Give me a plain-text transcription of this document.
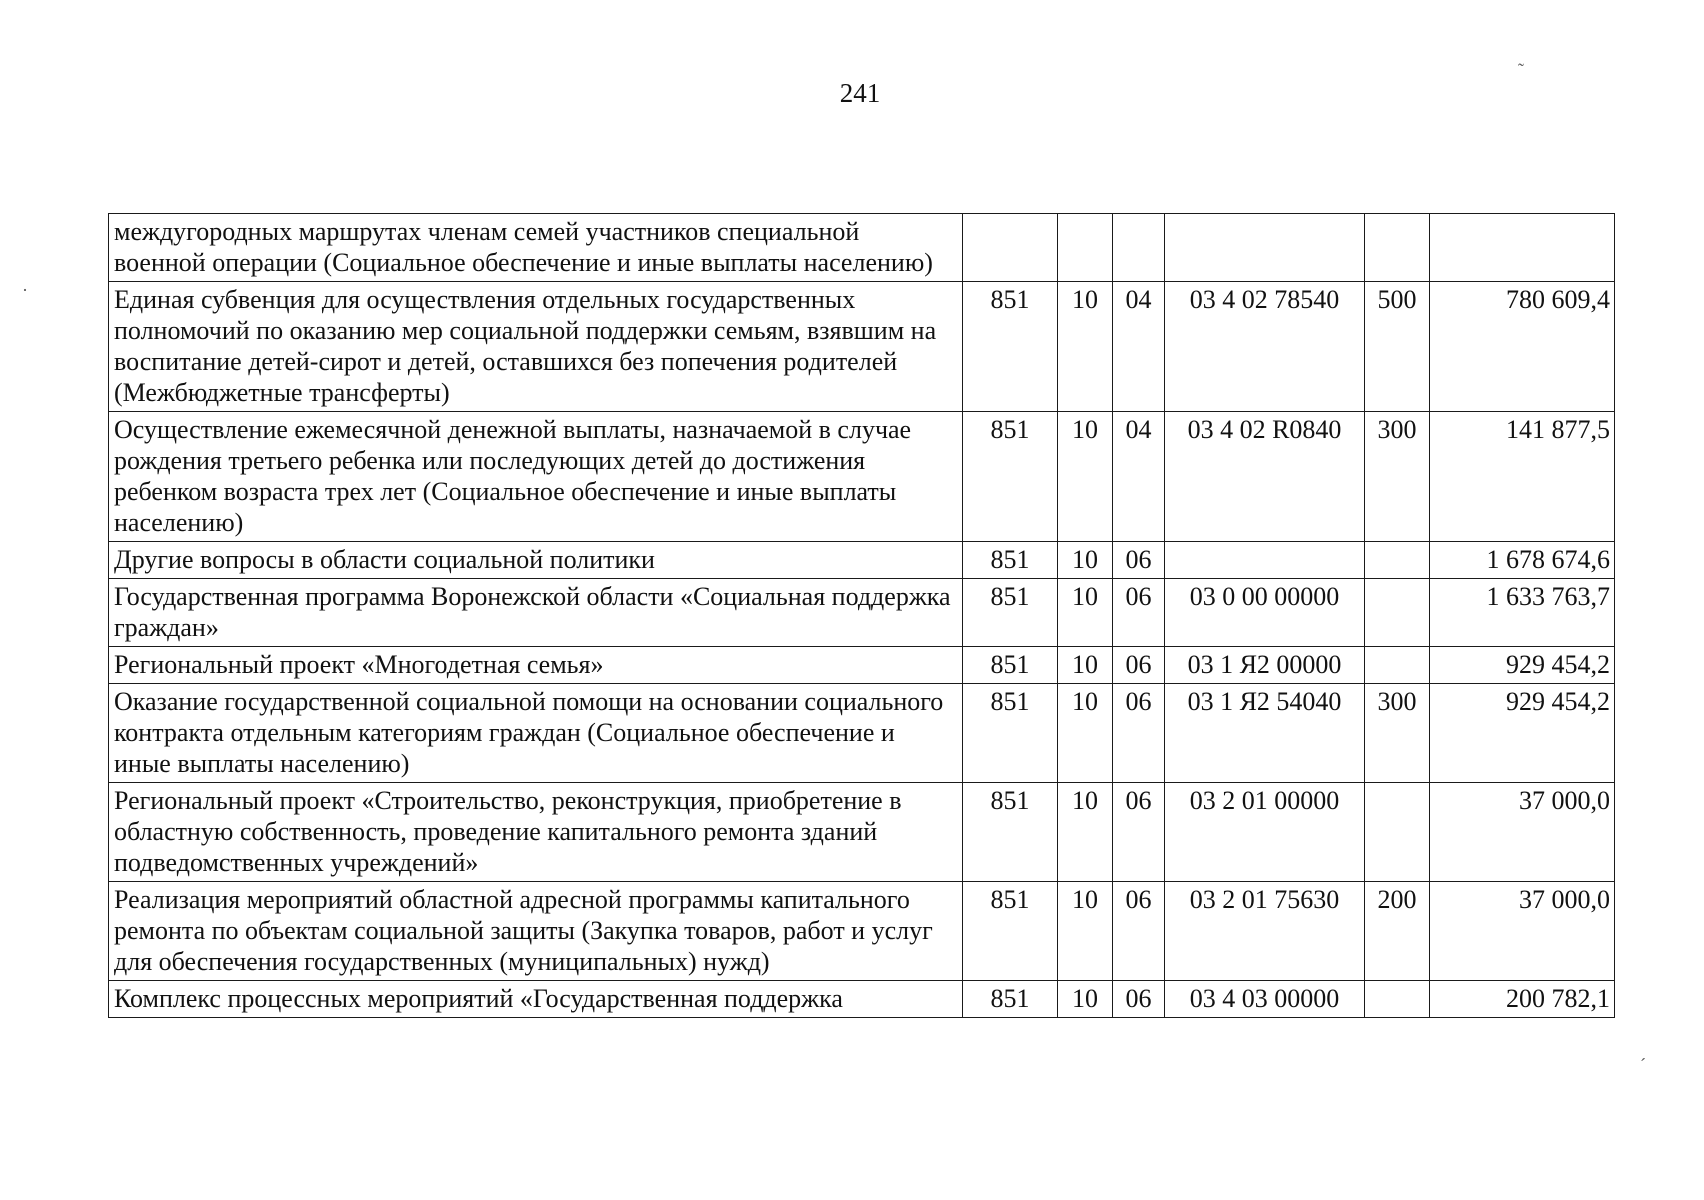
241
˜
·
ˊ
междугородных маршрутах членам семей участников специальной военной операции (Социальное обеспечение и иные выплаты населению)						
Единая субвенция для осуществления отдельных государственных полномочий по оказанию мер социальной поддержки семьям, взявшим на воспитание детей-сирот и детей, оставшихся без попечения родителей (Межбюджетные трансферты)	851	10	04	03 4 02 78540	500	780 609,4
Осуществление ежемесячной денежной выплаты, назначаемой в случае рождения третьего ребенка или последующих детей до достижения ребенком возраста трех лет (Социальное обеспечение и иные выплаты населению)	851	10	04	03 4 02 R0840	300	141 877,5
Другие вопросы в области социальной политики	851	10	06			1 678 674,6
Государственная программа Воронежской области «Социальная поддержка граждан»	851	10	06	03 0 00 00000		1 633 763,7
Региональный проект «Многодетная семья»	851	10	06	03 1 Я2 00000		929 454,2
Оказание государственной социальной помощи на основании социального контракта отдельным категориям граждан (Социальное обеспечение и иные выплаты населению)	851	10	06	03 1 Я2 54040	300	929 454,2
Региональный проект «Строительство, реконструкция, приобретение в областную собственность, проведение капитального ремонта зданий подведомственных учреждений»	851	10	06	03 2 01 00000		37 000,0
Реализация мероприятий областной адресной программы капитального ремонта по объектам социальной защиты (Закупка товаров, работ и услуг для обеспечения государственных (муниципальных) нужд)	851	10	06	03 2 01 75630	200	37 000,0
Комплекс процессных мероприятий «Государственная поддержка	851	10	06	03 4 03 00000		200 782,1
